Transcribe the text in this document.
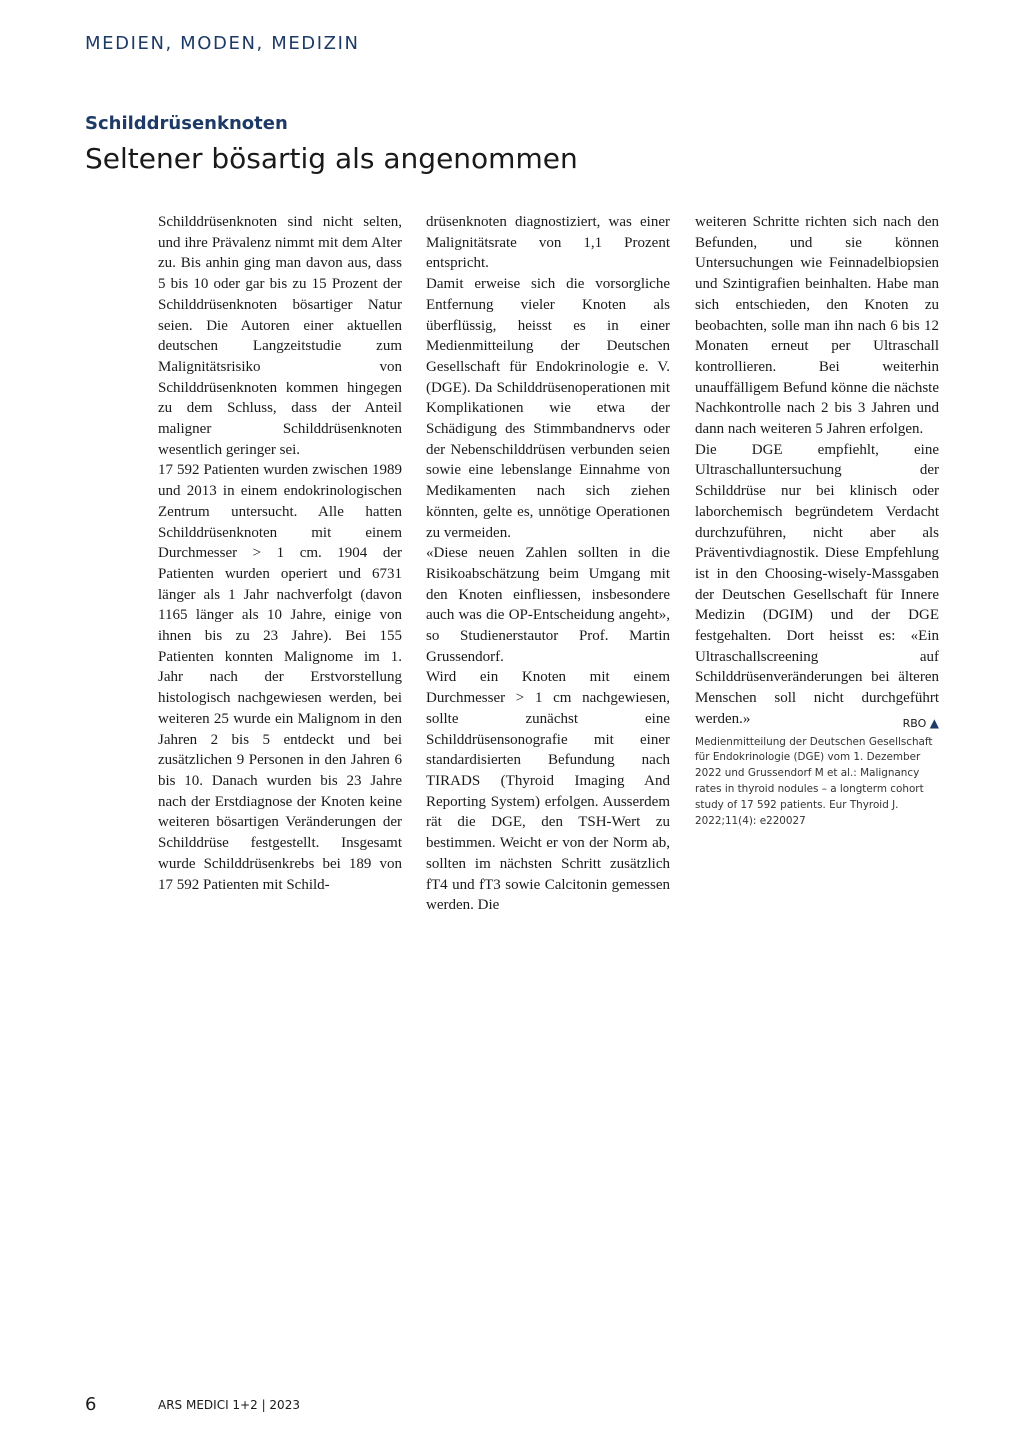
MEDIEN, MODEN, MEDIZIN
Schilddrüsenknoten
Seltener bösartig als angenommen

Schilddrüsenknoten sind nicht selten, und ihre Prävalenz nimmt mit dem Alter zu. Bis anhin ging man davon aus, dass 5 bis 10 oder gar bis zu 15 Prozent der Schilddrüsenknoten bösartiger Natur seien. Die Autoren einer aktuellen deutschen Langzeitstudie zum Malignitätsrisiko von Schilddrüsenknoten kommen hingegen zu dem Schluss, dass der Anteil maligner Schilddrüsenknoten wesentlich geringer sei.

17 592 Patienten wurden zwischen 1989 und 2013 in einem endokrinologischen Zentrum untersucht. Alle hatten Schilddrüsenknoten mit einem Durchmesser > 1 cm. 1904 der Patienten wurden operiert und 6731 länger als 1 Jahr nachverfolgt (davon 1165 länger als 10 Jahre, einige von ihnen bis zu 23 Jahre). Bei 155 Patienten konnten Malignome im 1. Jahr nach der Erstvorstellung histologisch nachgewiesen werden, bei weiteren 25 wurde ein Malignom in den Jahren 2 bis 5 entdeckt und bei zusätzlichen 9 Personen in den Jahren 6 bis 10. Danach wurden bis 23 Jahre nach der Erstdiagnose der Knoten keine weiteren bösartigen Veränderungen der Schilddrüse festgestellt. Insgesamt wurde Schilddrüsenkrebs bei 189 von 17 592 Patienten mit Schild-

drüsenknoten diagnostiziert, was einer Malignitätsrate von 1,1 Prozent entspricht.

Damit erweise sich die vorsorgliche Entfernung vieler Knoten als überflüssig, heisst es in einer Medienmitteilung der Deutschen Gesellschaft für Endokrinologie e. V. (DGE). Da Schilddrüsenoperationen mit Komplikationen wie etwa der Schädigung des Stimmbandnervs oder der Nebenschilddrüsen verbunden seien sowie eine lebenslange Einnahme von Medikamenten nach sich ziehen könnten, gelte es, unnötige Operationen zu vermeiden.

«Diese neuen Zahlen sollten in die Risikoabschätzung beim Umgang mit den Knoten einfliessen, insbesondere auch was die OP-Entscheidung angeht», so Studienerstautor Prof. Martin Grussendorf.

Wird ein Knoten mit einem Durchmesser > 1 cm nachgewiesen, sollte zunächst eine Schilddrüsensonografie mit einer standardisierten Befundung nach TIRADS (Thyroid Imaging And Reporting System) erfolgen. Ausserdem rät die DGE, den TSH-Wert zu bestimmen. Weicht er von der Norm ab, sollten im nächsten Schritt zusätzlich fT4 und fT3 sowie Calcitonin gemessen werden. Die

weiteren Schritte richten sich nach den Befunden, und sie können Untersuchungen wie Feinnadelbiopsien und Szintigrafien beinhalten. Habe man sich entschieden, den Knoten zu beobachten, solle man ihn nach 6 bis 12 Monaten erneut per Ultraschall kontrollieren. Bei weiterhin unauffälligem Befund könne die nächste Nachkontrolle nach 2 bis 3 Jahren und dann nach weiteren 5 Jahren erfolgen.

Die DGE empfiehlt, eine Ultraschalluntersuchung der Schilddrüse nur bei klinisch oder laborchemisch begründetem Verdacht durchzuführen, nicht aber als Präventivdiagnostik. Diese Empfehlung ist in den Choosing-wisely-Massgaben der Deutschen Gesellschaft für Innere Medizin (DGIM) und der DGE festgehalten. Dort heisst es: «Ein Ultraschallscreening auf Schilddrüsenveränderungen bei älteren Menschen soll nicht durchgeführt werden.»	RBO ▲

Medienmitteilung der Deutschen Gesellschaft für Endokrinologie (DGE) vom 1. Dezember 2022 und Grussendorf M et al.: Malignancy rates in thyroid nodules – a longterm cohort study of 17 592 patients. Eur Thyroid J. 2022;11(4): e220027

6	ARS MEDICI 1+2 | 2023
